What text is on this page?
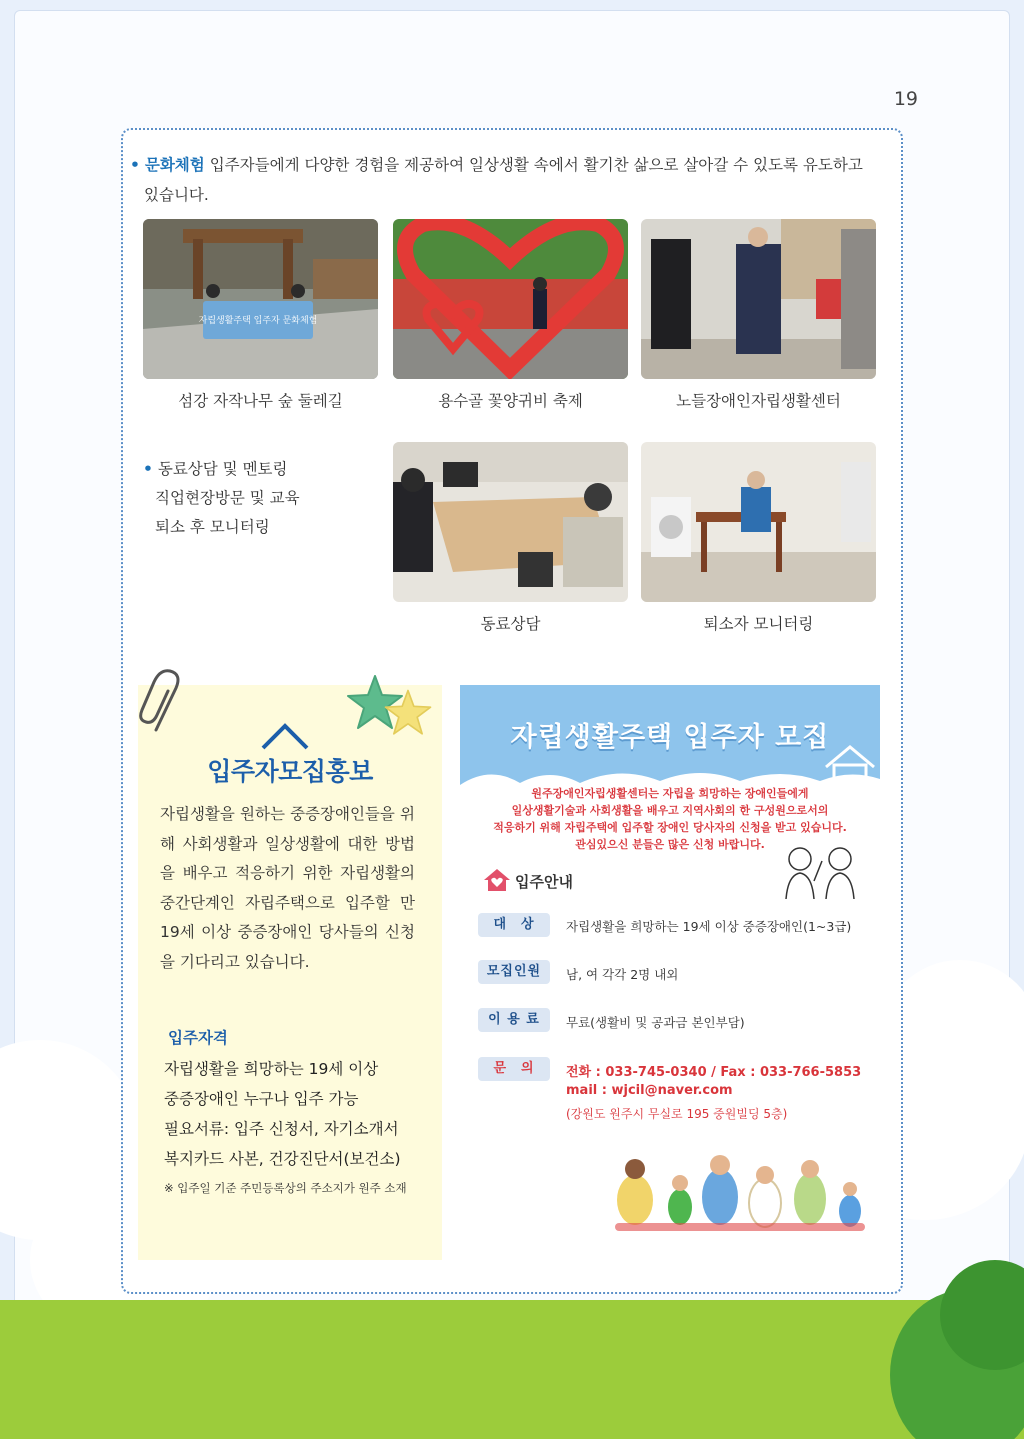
19
• 문화체험 입주자들에게 다양한 경험을 제공하여 일상생활 속에서 활기찬 삶으로 살아갈 수 있도록 유도하고
있습니다.
자립생활주택 입주자 문화체험
섬강 자작나무 숲 둘레길	용수골 꽃양귀비 축제	노들장애인자립생활센터
• 동료상담 및 멘토링
직업현장방문 및 교육
퇴소 후 모니터링
동료상담	퇴소자 모니터링
입주자모집홍보
자립생활을 원하는 중증장애인들을 위해 사회생활과 일상생활에 대한 방법을 배우고 적응하기 위한 자립생활의 중간단계인 자립주택으로 입주할 만 19세 이상 중증장애인 당사들의 신청을 기다리고 있습니다.
입주자격
자립생활을 희망하는 19세 이상
중증장애인 누구나 입주 가능
필요서류: 입주 신청서, 자기소개서
복지카드 사본, 건강진단서(보건소)
※ 입주일 기준 주민등록상의 주소지가 원주 소재
자립생활주택 입주자 모집
원주장애인자립생활센터는 자립을 희망하는 장애인들에게
일상생활기술과 사회생활을 배우고 지역사회의 한 구성원으로서의
적응하기 위해 자립주택에 입주할 장애인 당사자의 신청을 받고 있습니다.
관심있으신 분들은 많은 신청 바랍니다.
입주안내
대　상	자립생활을 희망하는 19세 이상 중증장애인(1~3급)
모집인원	남, 여 각각 2명 내외
이 용 료	무료(생활비 및 공과금 본인부담)
문　의	전화 : 033-745-0340 / Fax : 033-766-5853
mail : wjcil@naver.com
(강원도 원주시 무실로 195 중원빌딩 5층)
